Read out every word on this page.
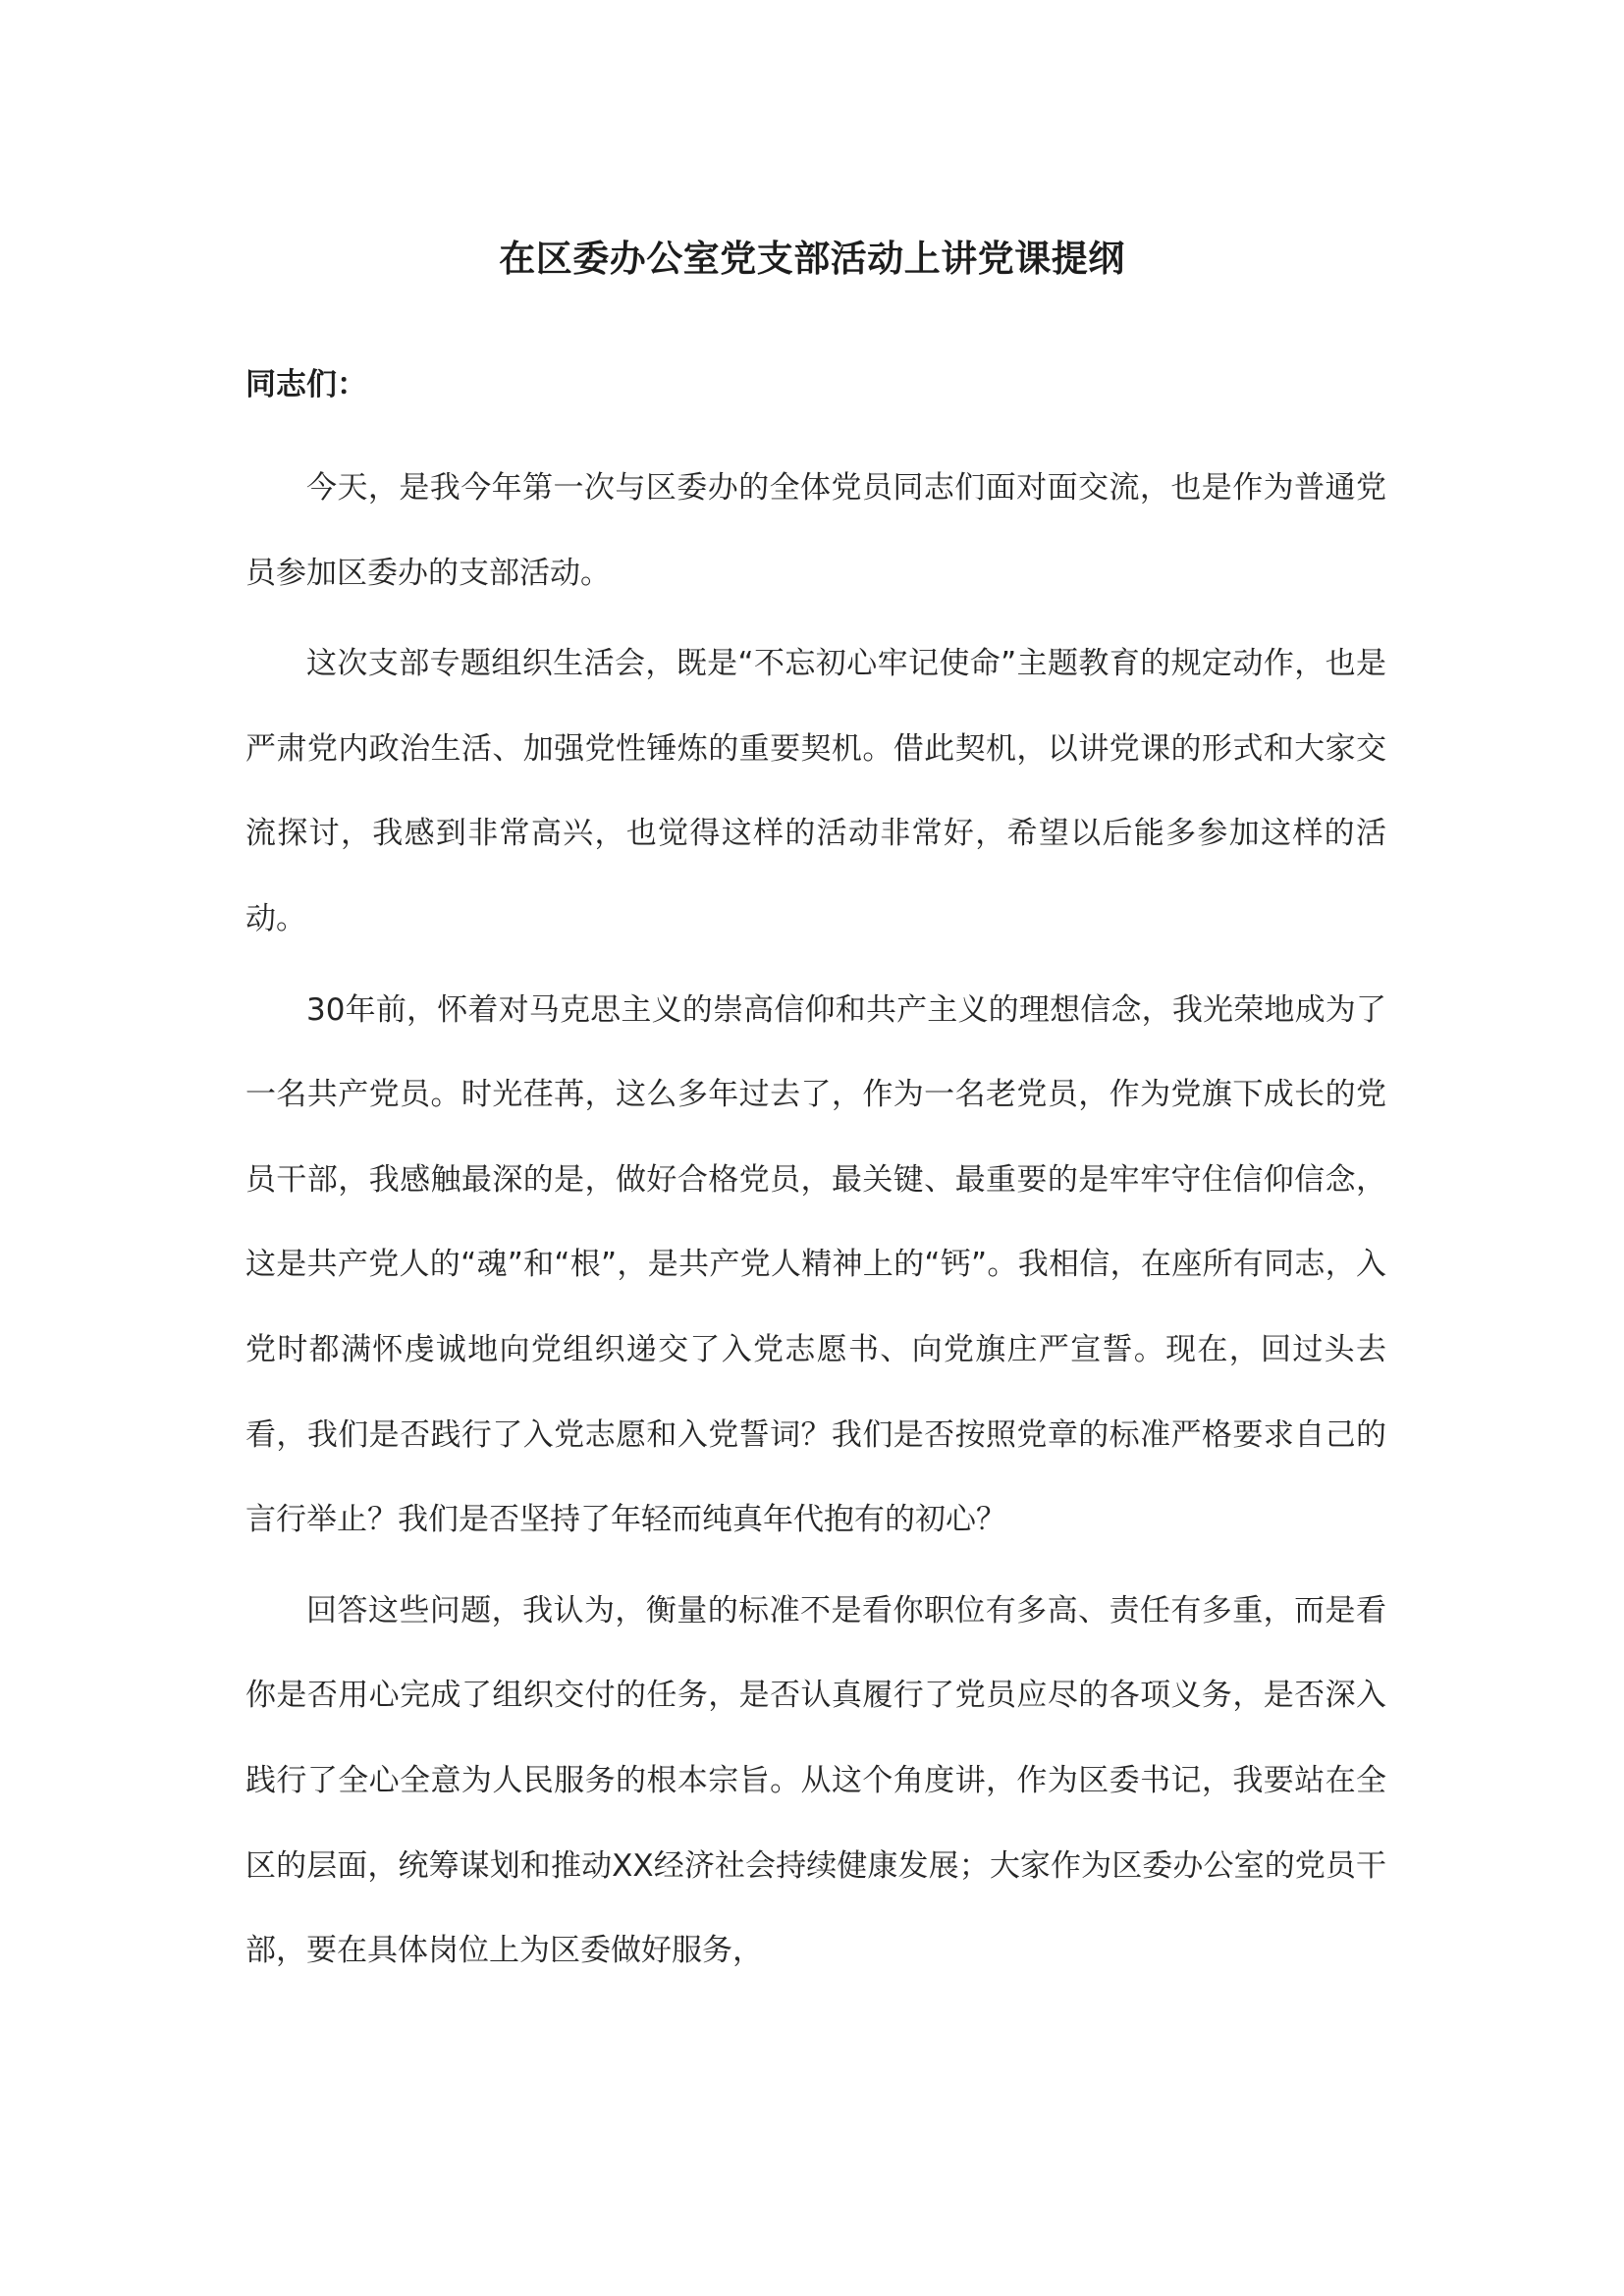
在区委办公室党支部活动上讲党课提纲
同志们：

今天，是我今年第一次与区委办的全体党员同志们面对面交流，也是作为普通党员参加区委办的支部活动。

这次支部专题组织生活会，既是“不忘初心牢记使命”主题教育的规定动作，也是严肃党内政治生活、加强党性锤炼的重要契机。借此契机，以讲党课的形式和大家交流探讨，我感到非常高兴，也觉得这样的活动非常好，希望以后能多参加这样的活动。

30年前，怀着对马克思主义的崇高信仰和共产主义的理想信念，我光荣地成为了一名共产党员。时光荏苒，这么多年过去了，作为一名老党员，作为党旗下成长的党员干部，我感触最深的是，做好合格党员，最关键、最重要的是牢牢守住信仰信念，这是共产党人的“魂”和“根”，是共产党人精神上的“钙”。我相信，在座所有同志，入党时都满怀虔诚地向党组织递交了入党志愿书、向党旗庄严宣誓。现在，回过头去看，我们是否践行了入党志愿和入党誓词？我们是否按照党章的标准严格要求自己的言行举止？我们是否坚持了年轻而纯真年代抱有的初心？

回答这些问题，我认为，衡量的标准不是看你职位有多高、责任有多重，而是看你是否用心完成了组织交付的任务，是否认真履行了党员应尽的各项义务，是否深入践行了全心全意为人民服务的根本宗旨。从这个角度讲，作为区委书记，我要站在全区的层面，统筹谋划和推动XX经济社会持续健康发展；大家作为区委办公室的党员干部，要在具体岗位上为区委做好服务，
